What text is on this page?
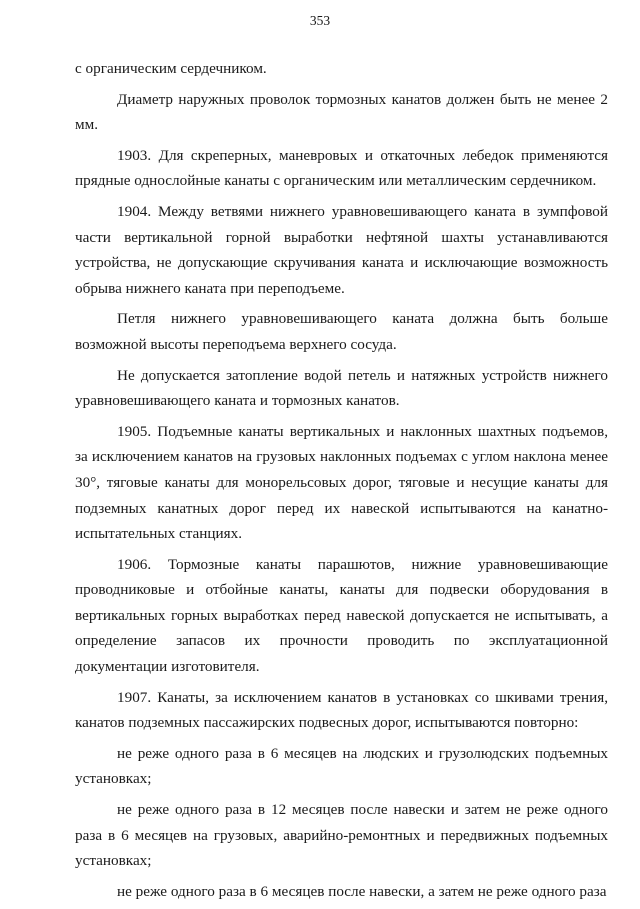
353

с органическим сердечником.

Диаметр наружных проволок тормозных канатов должен быть не менее 2 мм.

1903. Для скреперных, маневровых и откаточных лебедок применяются прядные однослойные канаты с органическим или металлическим сердечником.

1904. Между ветвями нижнего уравновешивающего каната в зумпфовой части вертикальной горной выработки нефтяной шахты устанавливаются устройства, не допускающие скручивания каната и исключающие возможность обрыва нижнего каната при переподъеме.

Петля нижнего уравновешивающего каната должна быть больше возможной высоты переподъема верхнего сосуда.

Не допускается затопление водой петель и натяжных устройств нижнего уравновешивающего каната и тормозных канатов.

1905. Подъемные канаты вертикальных и наклонных шахтных подъемов, за исключением канатов на грузовых наклонных подъемах с углом наклона менее 30°, тяговые канаты для монорельсовых дорог, тяговые и несущие канаты для подземных канатных дорог перед их навеской испытываются на канатно-испытательных станциях.

1906. Тормозные канаты парашютов, нижние уравновешивающие проводниковые и отбойные канаты, канаты для подвески оборудования в вертикальных горных выработках перед навеской допускается не испытывать, а определение запасов их прочности проводить по эксплуатационной документации изготовителя.

1907. Канаты, за исключением канатов в установках со шкивами трения, канатов подземных пассажирских подвесных дорог, испытываются повторно:

не реже одного раза в 6 месяцев на людских и грузолюдских подъемных установках;

не реже одного раза в 12 месяцев после навески и затем не реже одного раза в 6 месяцев на грузовых, аварийно-ремонтных и передвижных подъемных установках;

не реже одного раза в 6 месяцев после навески, а затем не реже одного раза
